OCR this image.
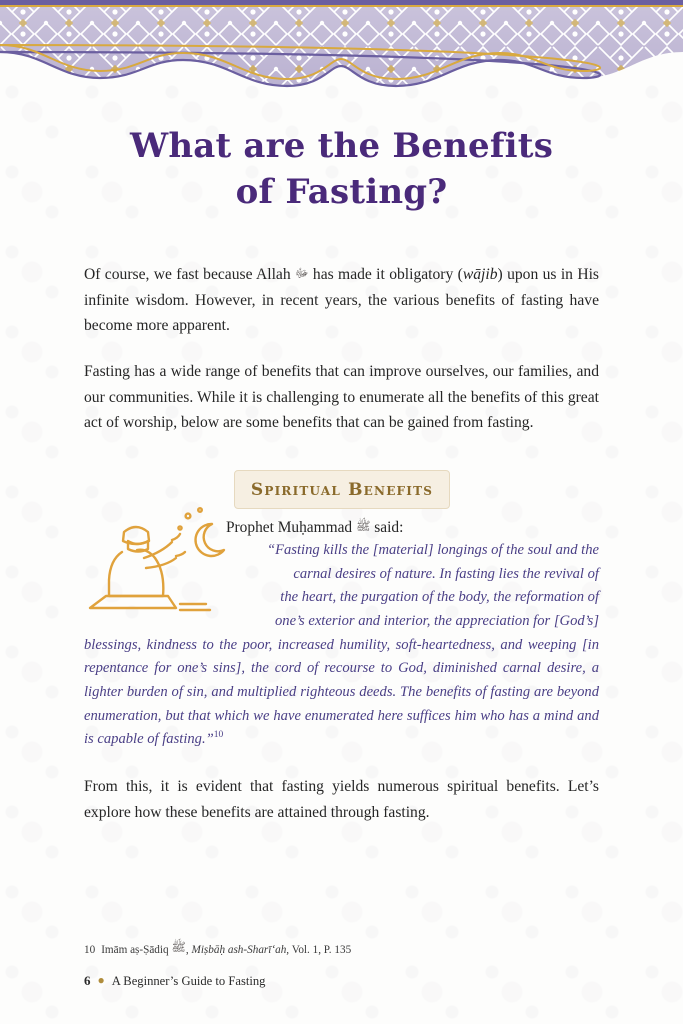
What are the Benefits
of Fasting?

Of course, we fast because Allah ﷻ has made it obligatory (wājib) upon us in His infinite wisdom. However, in recent years, the various benefits of fasting have become more apparent.

Fasting has a wide range of benefits that can improve ourselves, our families, and our communities. While it is challenging to enumerate all the benefits of this great act of worship, below are some benefits that can be gained from fasting.

Spiritual Benefits
Prophet Muḥammad ﷺ said:

“Fasting kills the [material] longings of the soul and the

carnal desires of nature. In fasting lies the revival of

the heart, the purgation of the body, the reformation of

one’s exterior and interior, the appreciation for [God’s]

blessings, kindness to the poor, increased humility, soft-heartedness, and weeping [in repentance for one’s sins], the cord of recourse to God, diminished carnal desire, a lighter burden of sin, and multiplied righteous deeds. The benefits of fasting are beyond enumeration, but that which we have enumerated here suffices him who has a mind and is capable of fasting.”$^{10}$

From this, it is evident that fasting yields numerous spiritual benefits. Let’s explore how these benefits are attained through fasting.

10 Imām aṣ-Ṣādiq ﷺ, Miṣbāḥ ash-Sharī‘ah, Vol. 1, P. 135
6 ● A Beginner’s Guide to Fasting
